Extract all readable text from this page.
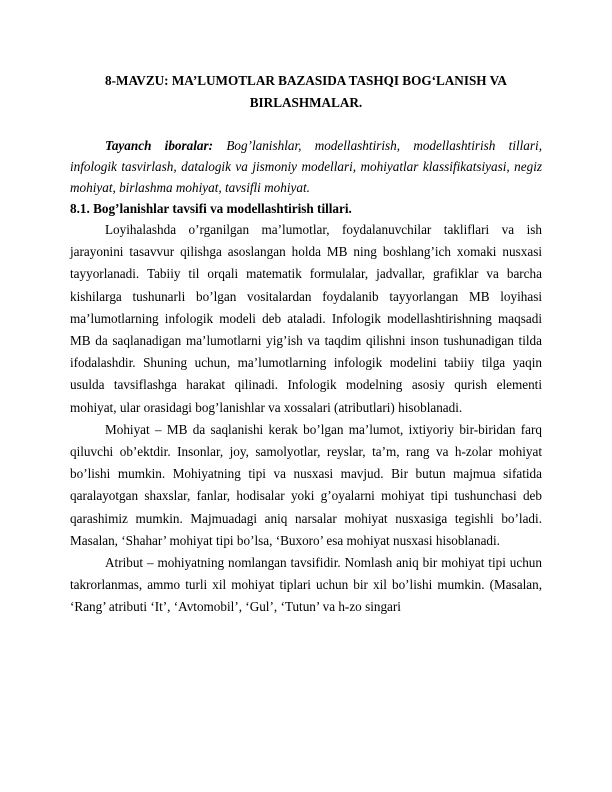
8-MAVZU: MA’LUMOTLAR BAZASIDA TASHQI BOG‘LANISH VA
BIRLASHMALAR.

Tayanch iboralar: Bog’lanishlar, modellashtirish, modellashtirish tillari, infologik tasvirlash, datalogik va jismoniy modellari, mohiyatlar klassifikatsiyasi, negiz mohiyat, birlashma mohiyat, tavsifli mohiyat.

8.1. Bog’lanishlar tavsifi va modellashtirish tillari.

Loyihalashda o’rganilgan ma’lumotlar, foydalanuvchilar takliflari va ish jarayonini tasavvur qilishga asoslangan holda MB ning boshlang’ich xomaki nusxasi tayyorlanadi. Tabiiy til orqali matematik formulalar, jadvallar, grafiklar va barcha kishilarga tushunarli bo’lgan vositalardan foydalanib tayyorlangan MB loyihasi ma’lumotlarning infologik modeli deb ataladi. Infologik modellashtirishning maqsadi MB da saqlanadigan ma’lumotlarni yig’ish va taqdim qilishni inson tushunadigan tilda ifodalashdir. Shuning uchun, ma’lumotlarning infologik modelini tabiiy tilga yaqin usulda tavsiflashga harakat qilinadi. Infologik modelning asosiy qurish elementi mohiyat, ular orasidagi bog’lanishlar va xossalari (atributlari) hisoblanadi.

Mohiyat – MB da saqlanishi kerak bo’lgan ma’lumot, ixtiyoriy bir-biridan farq qiluvchi ob’ektdir. Insonlar, joy, samolyotlar, reyslar, ta’m, rang va h-zolar mohiyat bo’lishi mumkin. Mohiyatning tipi va nusxasi mavjud. Bir butun majmua sifatida qaralayotgan shaxslar, fanlar, hodisalar yoki g’oyalarni mohiyat tipi tushunchasi deb qarashimiz mumkin. Majmuadagi aniq narsalar mohiyat nusxasiga tegishli bo’ladi. Masalan, ‘Shahar’ mohiyat tipi bo’lsa, ‘Buxoro’ esa mohiyat nusxasi hisoblanadi.

Atribut – mohiyatning nomlangan tavsifidir. Nomlash aniq bir mohiyat tipi uchun takrorlanmas, ammo turli xil mohiyat tiplari uchun bir xil bo’lishi mumkin. (Masalan, ‘Rang’ atributi ‘It’, ‘Avtomobil’, ‘Gul’, ‘Tutun’ va h-zo singari
